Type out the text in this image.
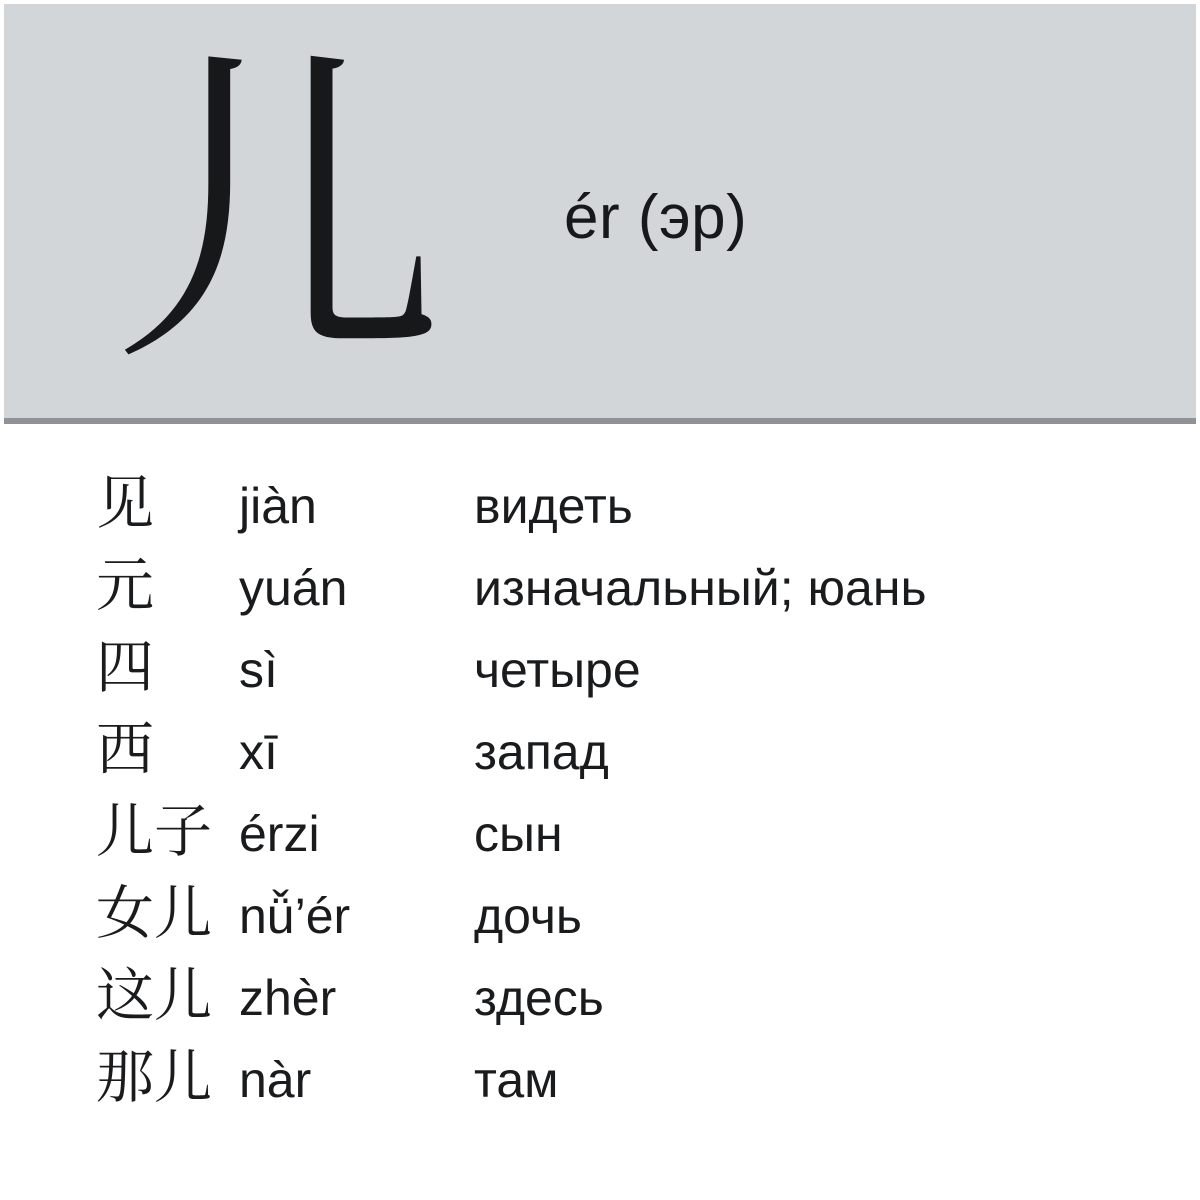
儿 ér (эр)
见	jiàn	видеть
元	yuán	изначальный; юань
四	sì	четыре
西	xī	запад
儿子 érzi	сын
女儿 nǚ’ér	дочь
这儿 zhèr	здесь
那儿 nàr	там
